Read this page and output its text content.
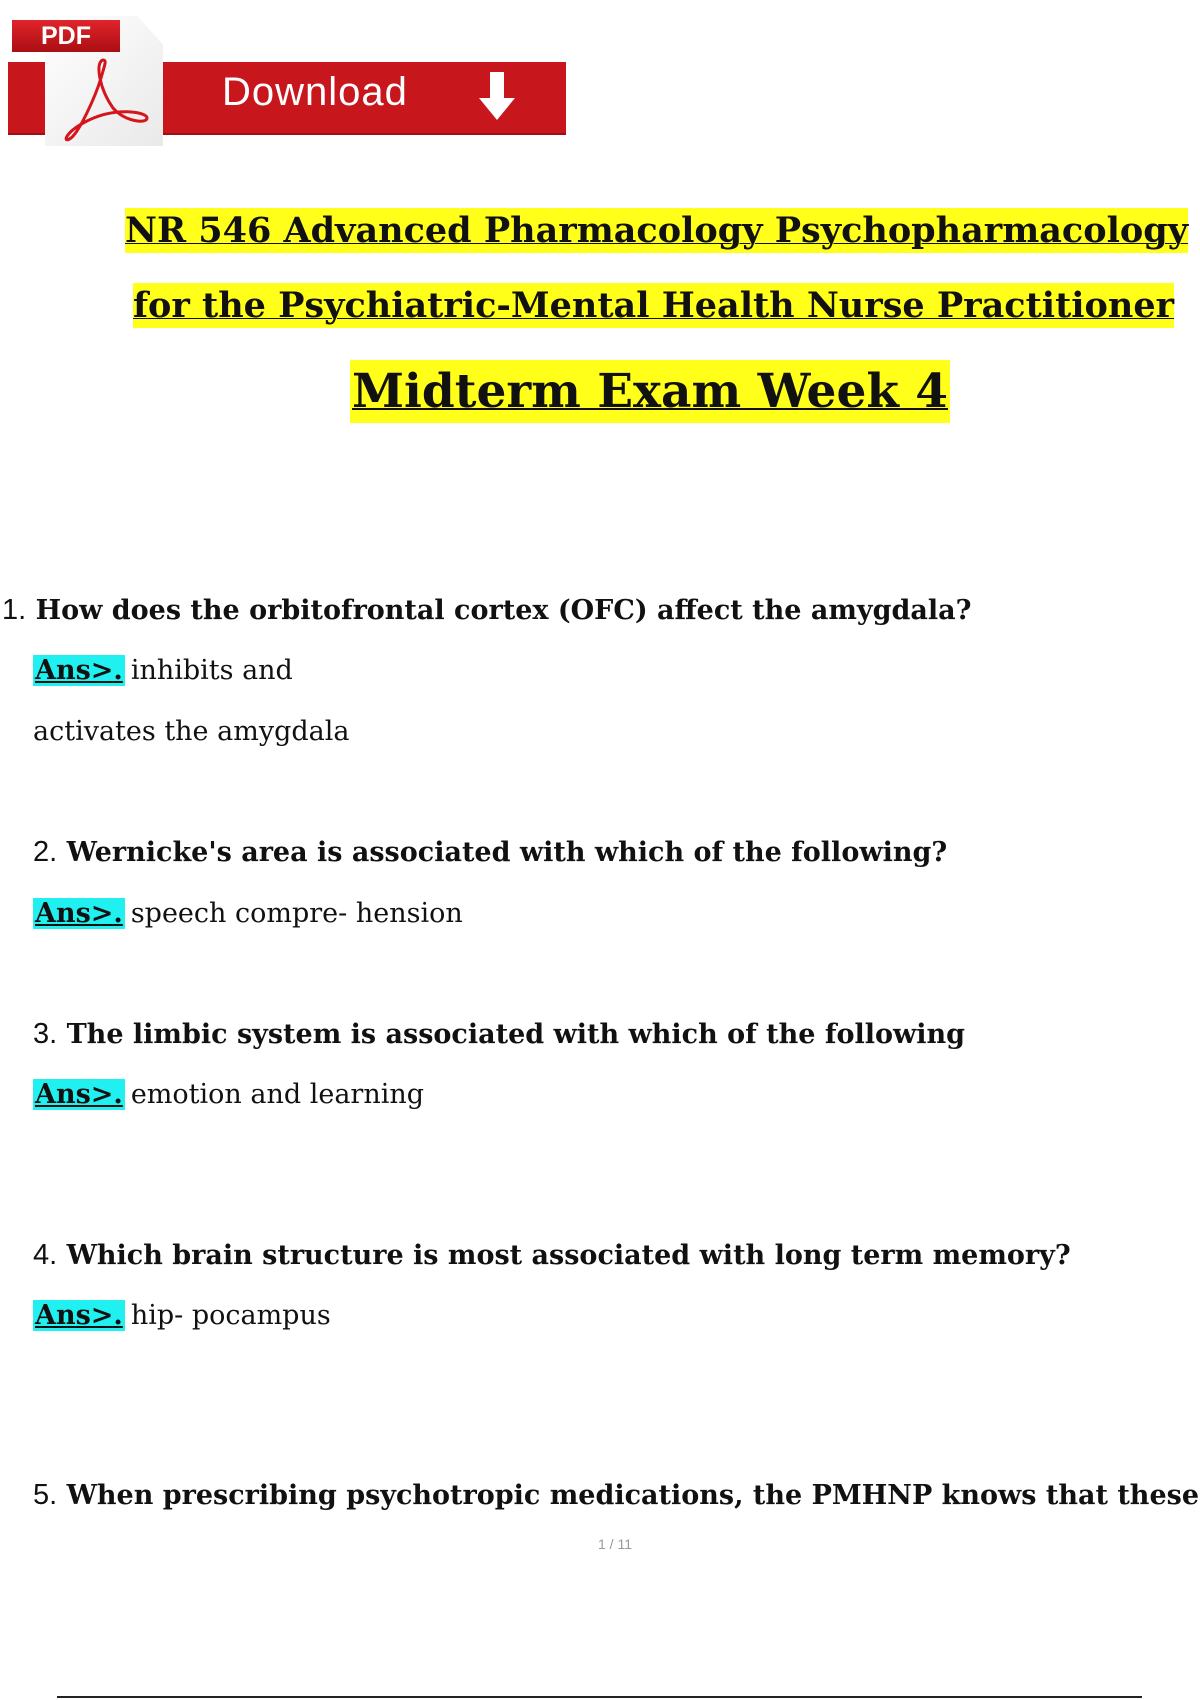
Download
PDF
NR 546 Advanced Pharmacology Psychopharmacology
for the Psychiatric-Mental Health Nurse Practitioner
Midterm Exam Week 4
1. How does the orbitofrontal cortex (OFC) affect the amygdala?
Ans>. inhibits and
activates the amygdala
2. Wernicke's area is associated with which of the following?
Ans>. speech compre- hension
3. The limbic system is associated with which of the following
Ans>. emotion and learning
4. Which brain structure is most associated with long term memory?
Ans>. hip- pocampus
5. When prescribing psychotropic medications, the PMHNP knows that these
1 / 11
